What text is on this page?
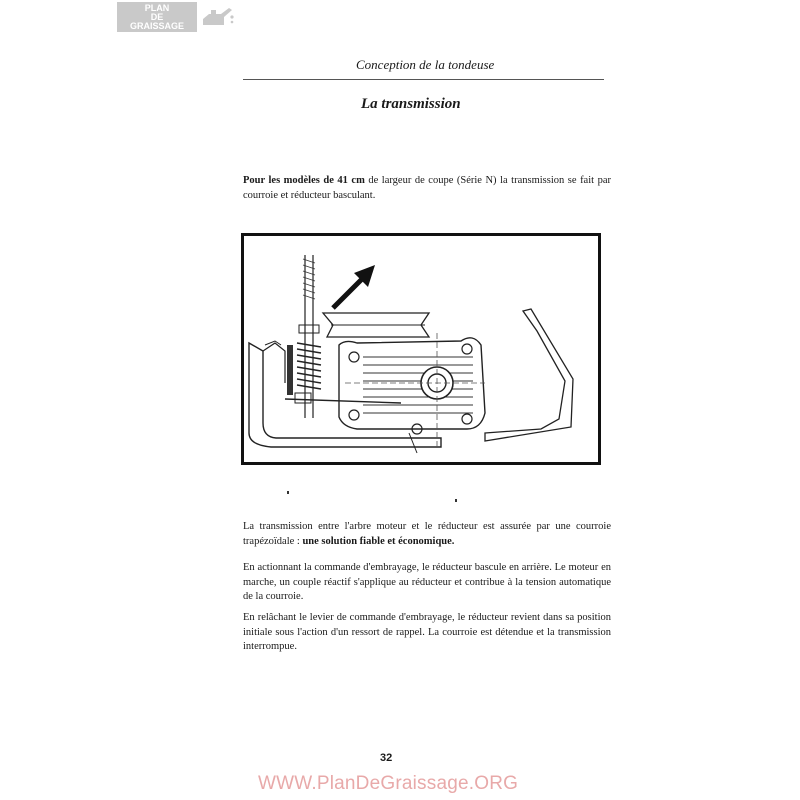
PLAN
DE
GRAISSAGE
Conception de la tondeuse
La transmission
Pour les modèles de 41 cm de largeur de coupe (Série N) la transmission se fait par courroie et réducteur basculant.
La transmission entre l'arbre moteur et le réducteur est assurée par une courroie trapézoïdale : une solution fiable et économique.
En actionnant la commande d'embrayage, le réducteur bascule en arrière. Le moteur en marche, un couple réactif s'applique au réducteur et contribue à la tension automatique de la courroie.
En relâchant le levier de commande d'embrayage, le réducteur revient dans sa position initiale sous l'action d'un ressort de rappel. La courroie est détendue et la transmission interrompue.
32
WWW.PlanDeGraissage.ORG
